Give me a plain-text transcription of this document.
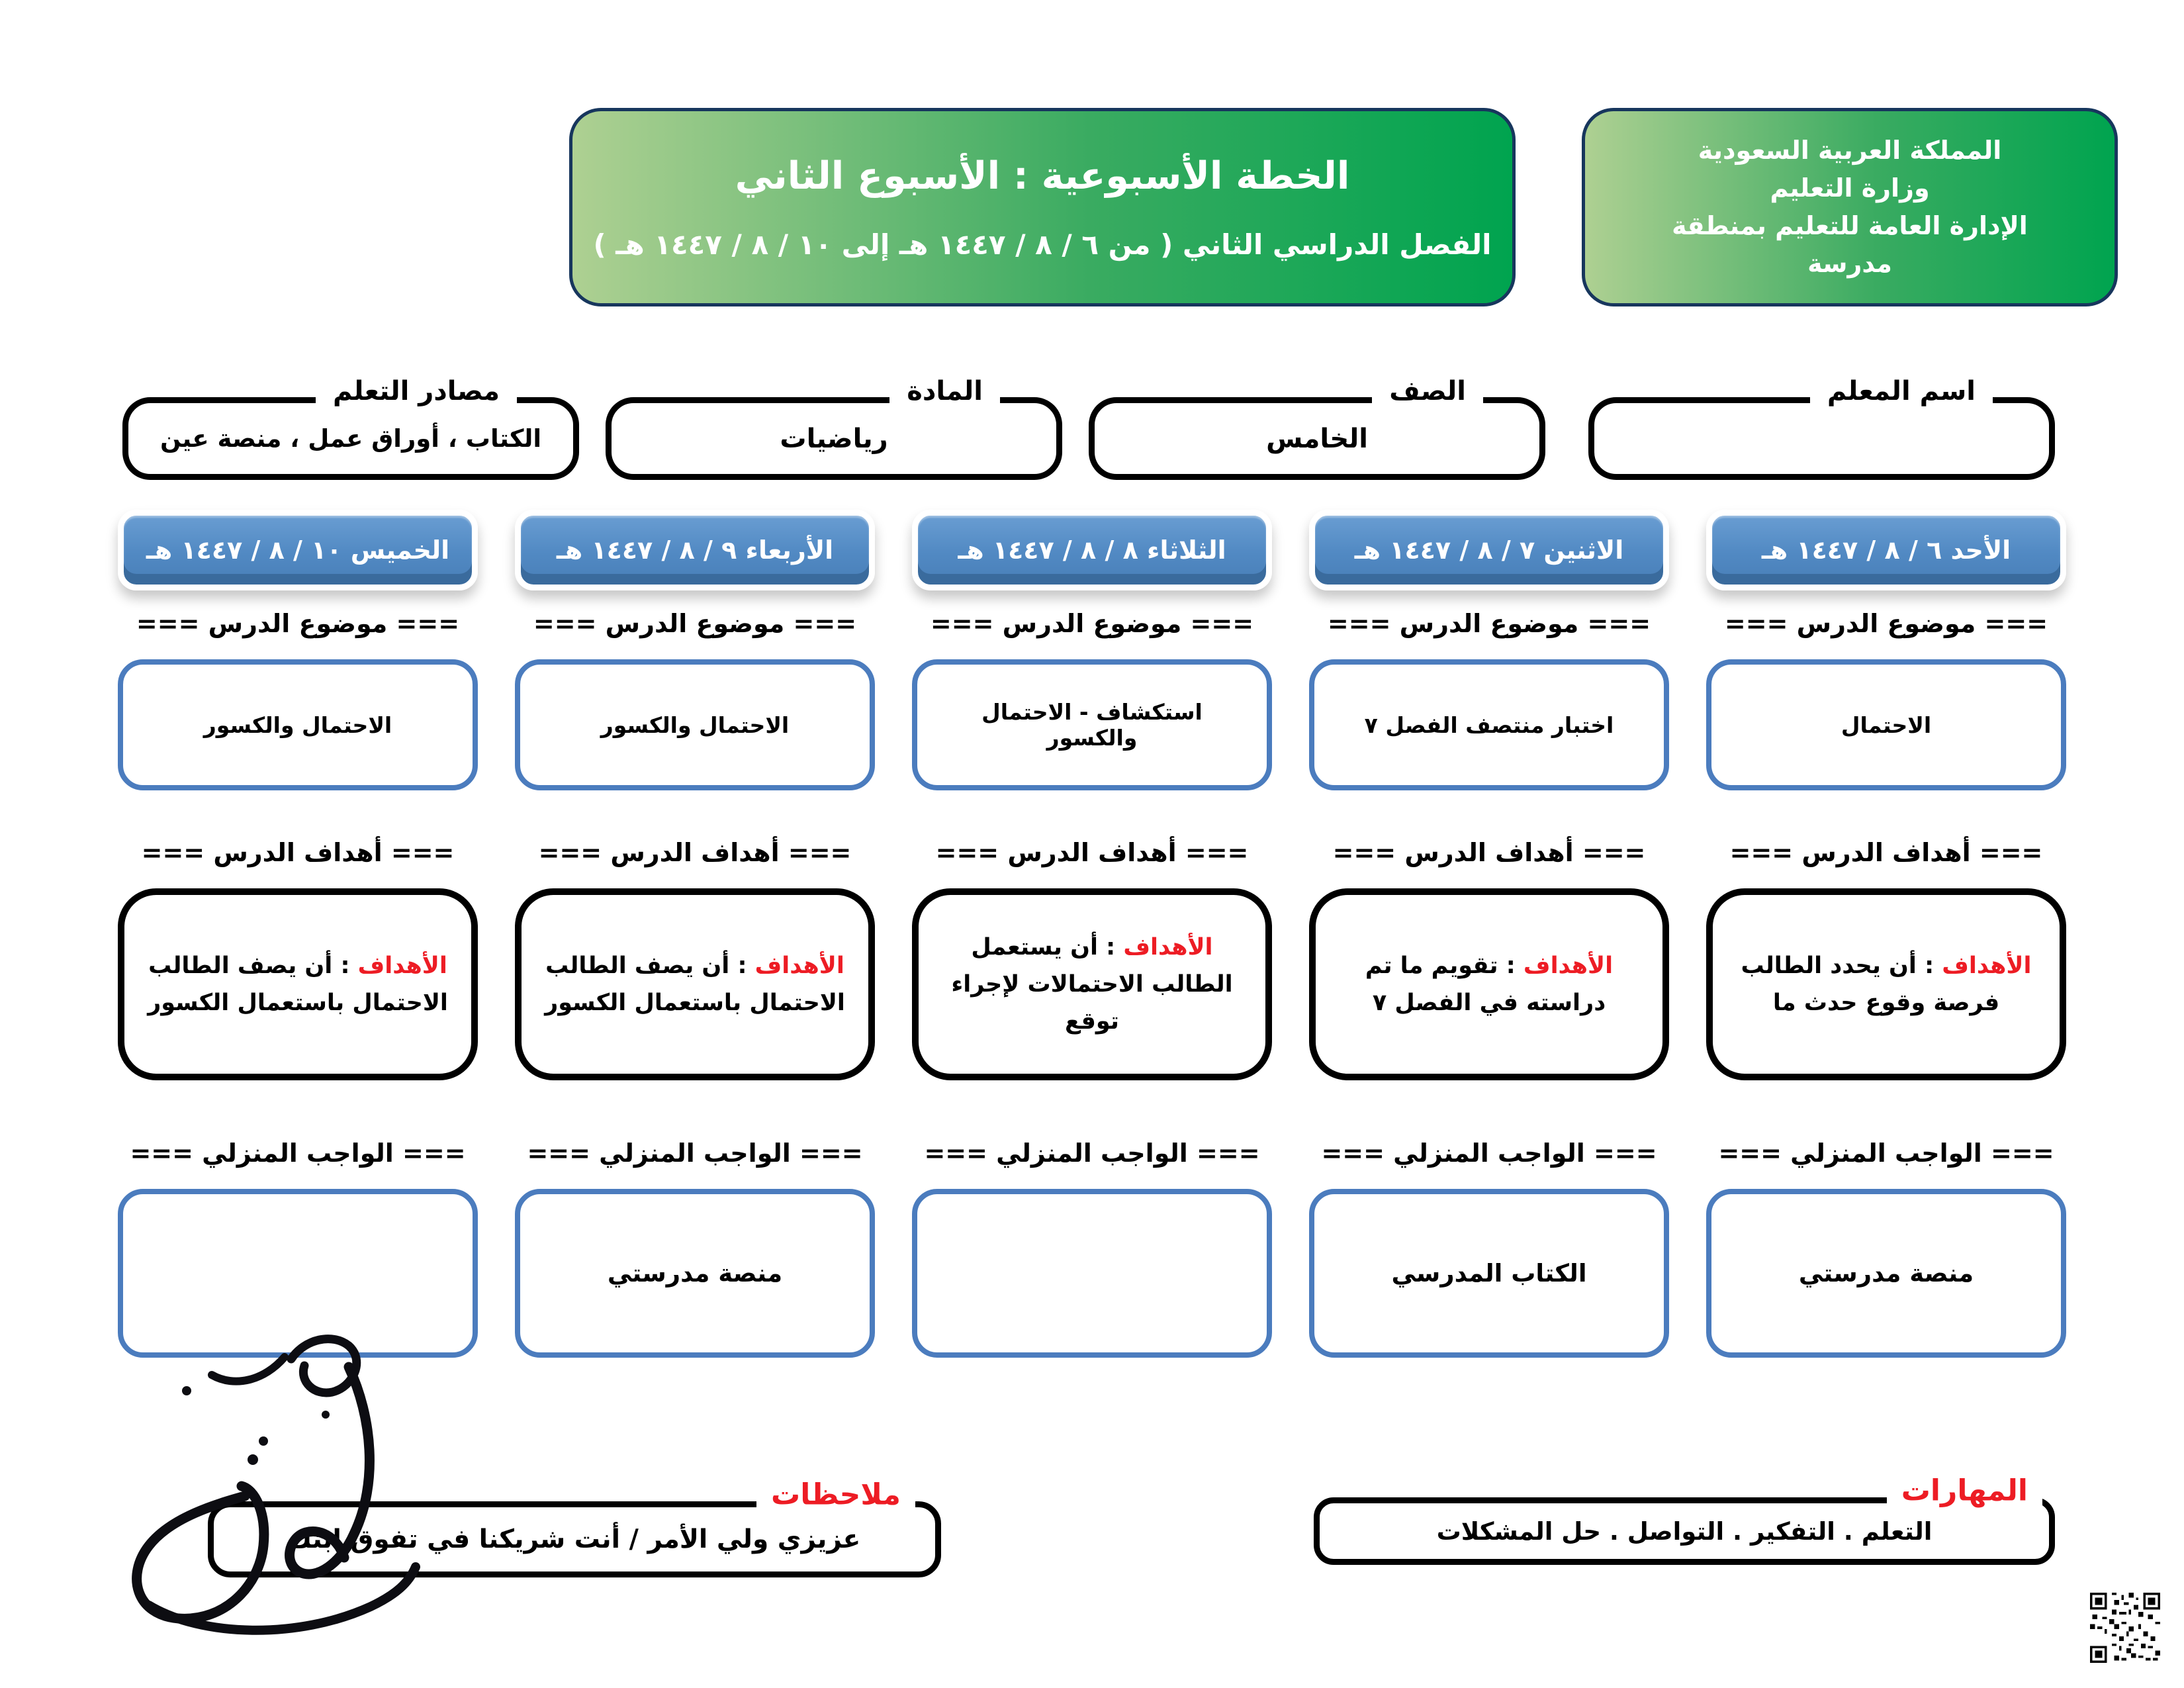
المملكة العربية السعودية
وزارة التعليم
الإدارة العامة للتعليم بمنطقة
مدرسة
الخطة الأسبوعية : الأسبوع الثاني
الفصل الدراسي الثاني ( من ٦ / ٨ / ١٤٤٧ هـ إلى ١٠ / ٨ / ١٤٤٧ هـ )
اسم المعلم
الصف
الخامس
المادة
رياضيات
مصادر التعلم
الكتاب ، أوراق عمل ، منصة عين
الأحد ٦ / ٨ / ١٤٤٧ هـ
=== موضوع الدرس ===
الاحتمال
=== أهداف الدرس ===
الأهداف : أن يحدد الطالب فرصة وقوع حدث ما
=== الواجب المنزلي ===
منصة مدرستي
الاثنين ٧ / ٨ / ١٤٤٧ هـ
=== موضوع الدرس ===
اختبار منتصف الفصل ٧
=== أهداف الدرس ===
الأهداف : تقويم ما تم دراسته في الفصل ٧
=== الواجب المنزلي ===
الكتاب المدرسي
الثلاثاء ٨ / ٨ / ١٤٤٧ هـ
=== موضوع الدرس ===
استكشاف - الاحتمال والكسور
=== أهداف الدرس ===
الأهداف : أن يستعمل الطالب الاحتمالات لإجراء توقع
=== الواجب المنزلي ===
الأربعاء ٩ / ٨ / ١٤٤٧ هـ
=== موضوع الدرس ===
الاحتمال والكسور
=== أهداف الدرس ===
الأهداف : أن يصف الطالب الاحتمال باستعمال الكسور
=== الواجب المنزلي ===
منصة مدرستي
الخميس ١٠ / ٨ / ١٤٤٧ هـ
=== موضوع الدرس ===
الاحتمال والكسور
=== أهداف الدرس ===
الأهداف : أن يصف الطالب الاحتمال باستعمال الكسور
=== الواجب المنزلي ===
المهارات
التعلم . التفكير . التواصل . حل المشكلات
ملاحظات
عزيزي ولي الأمر / أنت شريكنا في تفوق ابنك
